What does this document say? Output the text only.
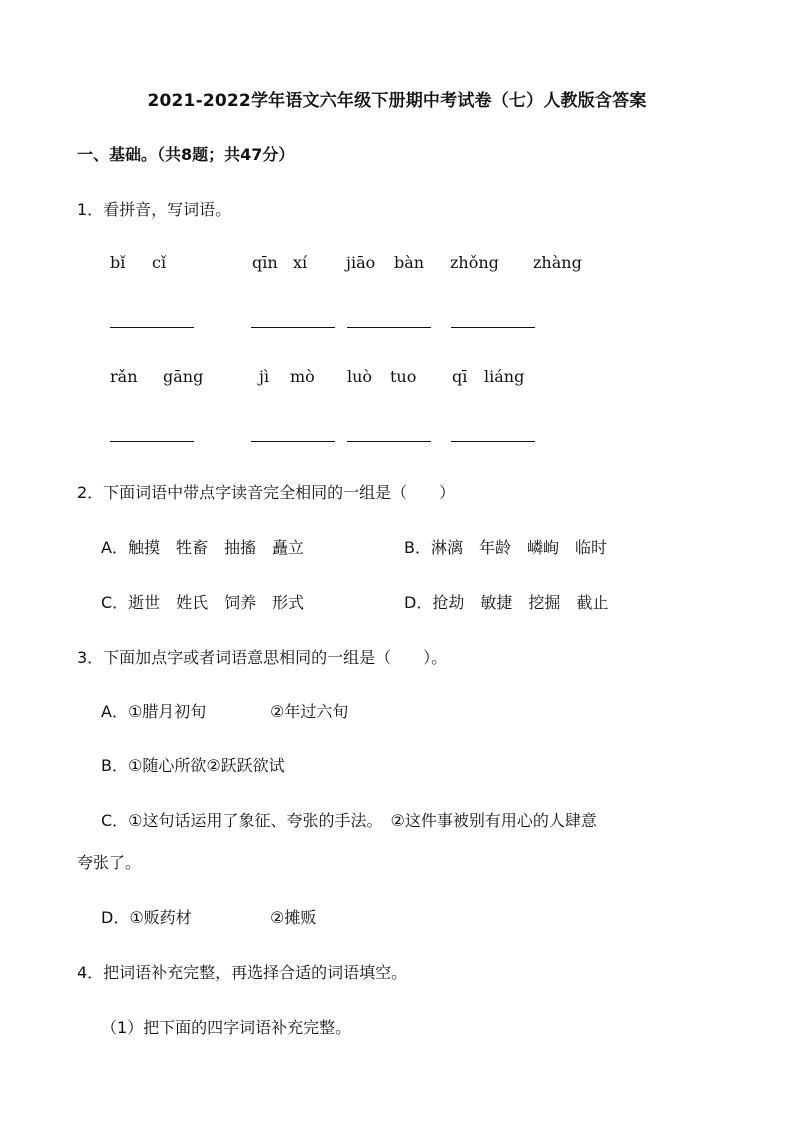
2021-2022学年语文六年级下册期中考试卷（七）人教版含答案
一、基础。（共8题；共47分）
1．看拼音，写词语。
bǐ cǐ	qīn xí jiāo bàn zhǒng zhàng
rǎn gāng	jì mò luò tuo qī liáng
2．下面词语中带点字读音完全相同的一组是（　　）
A．触摸　牲畜　抽搐　矗立	B．淋漓　年龄　嶙峋　临时
C．逝世　姓氏　饲养　形式	D．抢劫　敏捷　挖掘　截止
3．下面加点字或者词语意思相同的一组是（　　）。
A．①腊月初旬	②年过六旬
B．①随心所欲②跃跃欲试
C．①这句话运用了象征、夸张的手法。　②这件事被别有用心的人肆意
夸张了。
D．①贩药材	②摊贩
4．把词语补充完整，再选择合适的词语填空。
（1）把下面的四字词语补充完整。
